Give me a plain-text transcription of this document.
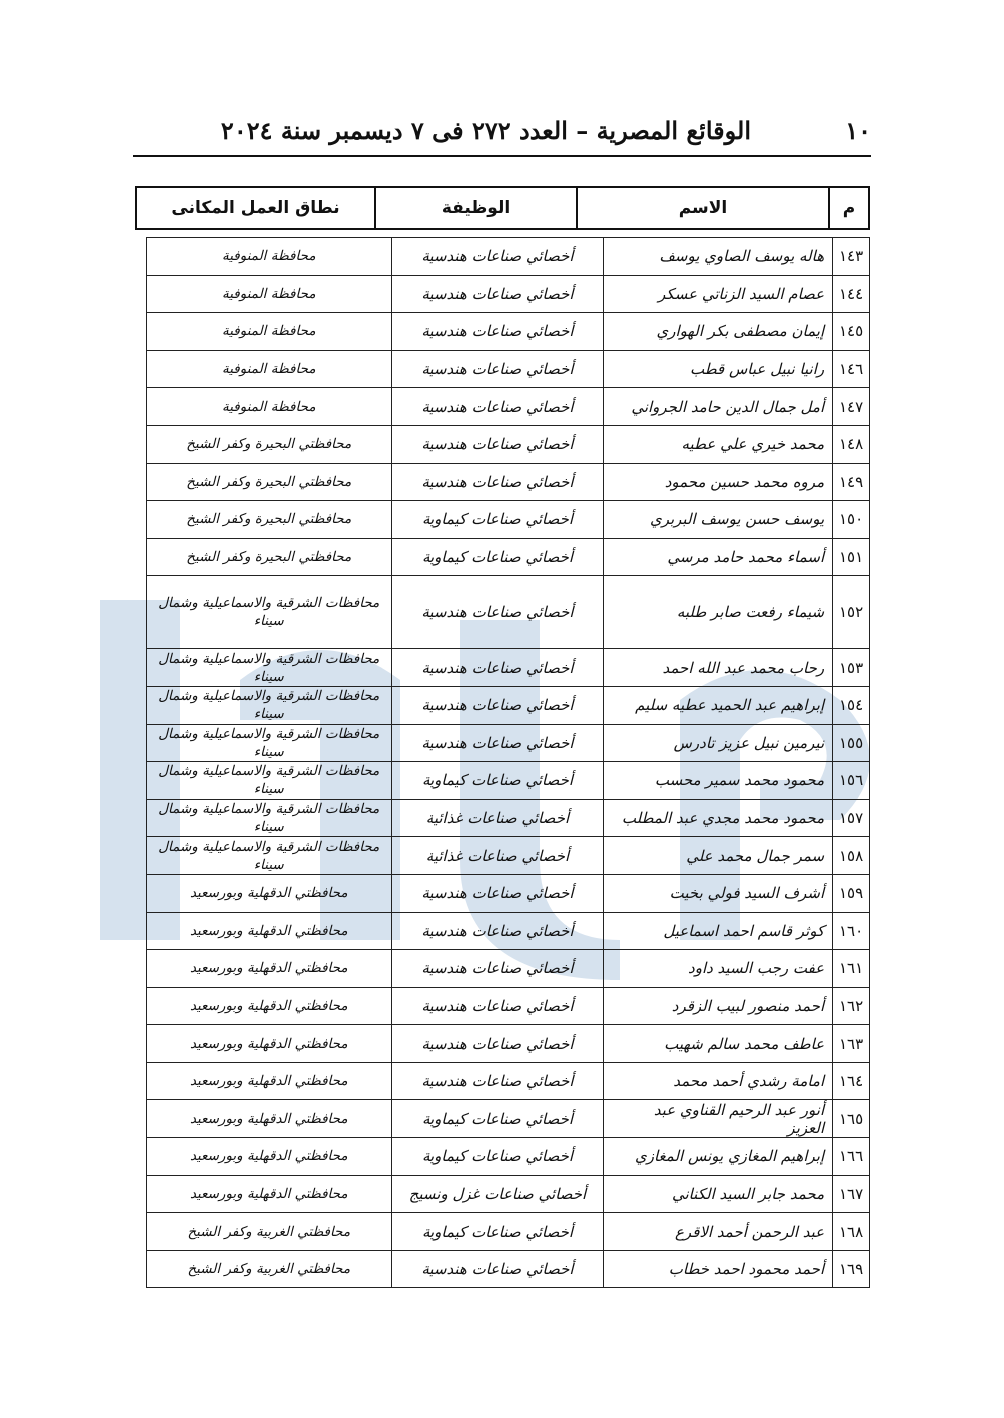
١٠
الوقائع المصرية – العدد ٢٧٢ فى ٧ ديسمبر سنة ٢٠٢٤
م	الاسم	الوظيفة	نطاق العمل المكانى
١٤٣	هاله يوسف الصاوي يوسف	أخصائي صناعات هندسية	محافظة المنوفية
١٤٤	عصام السيد الزناتي عسكر	أخصائي صناعات هندسية	محافظة المنوفية
١٤٥	إيمان مصطفى بكر الهواري	أخصائي صناعات هندسية	محافظة المنوفية
١٤٦	رانيا نبيل عباس قطب	أخصائي صناعات هندسية	محافظة المنوفية
١٤٧	أمل جمال الدين حامد الجرواني	أخصائي صناعات هندسية	محافظة المنوفية
١٤٨	محمد خيري علي عطيه	أخصائي صناعات هندسية	محافظتي البحيرة وكفر الشيخ
١٤٩	مروه محمد حسين محمود	أخصائي صناعات هندسية	محافظتي البحيرة وكفر الشيخ
١٥٠	يوسف حسن يوسف البربري	أخصائي صناعات كيماوية	محافظتي البحيرة وكفر الشيخ
١٥١	أسماء محمد حامد مرسي	أخصائي صناعات كيماوية	محافظتي البحيرة وكفر الشيخ
١٥٢	شيماء رفعت صابر طلبه	أخصائي صناعات هندسية	محافظات الشرقية والاسماعيلية وشمال سيناء
١٥٣	رحاب محمد عبد الله احمد	أخصائي صناعات هندسية	محافظات الشرقية والاسماعيلية وشمال سيناء
١٥٤	إبراهيم عبد الحميد عطيه سليم	أخصائي صناعات هندسية	محافظات الشرقية والاسماعيلية وشمال سيناء
١٥٥	نيرمين نبيل عزيز تادرس	أخصائي صناعات هندسية	محافظات الشرقية والاسماعيلية وشمال سيناء
١٥٦	محمود محمد سمير محسب	أخصائي صناعات كيماوية	محافظات الشرقية والاسماعيلية وشمال سيناء
١٥٧	محمود محمد مجدي عبد المطلب	أخصائي صناعات غذائية	محافظات الشرقية والاسماعيلية وشمال سيناء
١٥٨	سمر جمال محمد علي	أخصائي صناعات غذائية	محافظات الشرقية والاسماعيلية وشمال سيناء
١٥٩	أشرف السيد فولي بخيت	أخصائي صناعات هندسية	محافظتي الدقهلية وبورسعيد
١٦٠	كوثر قاسم احمد اسماعيل	أخصائي صناعات هندسية	محافظتي الدقهلية وبورسعيد
١٦١	عفت رجب السيد داود	أخصائي صناعات هندسية	محافظتي الدقهلية وبورسعيد
١٦٢	أحمد منصور لبيب الزقرد	أخصائي صناعات هندسية	محافظتي الدقهلية وبورسعيد
١٦٣	عاطف محمد سالم شهيب	أخصائي صناعات هندسية	محافظتي الدقهلية وبورسعيد
١٦٤	امامة رشدي أحمد محمد	أخصائي صناعات هندسية	محافظتي الدقهلية وبورسعيد
١٦٥	أنور عبد الرحيم القناوي عبد العزيز	أخصائي صناعات كيماوية	محافظتي الدقهلية وبورسعيد
١٦٦	إبراهيم المغازي يونس المغازي	أخصائي صناعات كيماوية	محافظتي الدقهلية وبورسعيد
١٦٧	محمد جابر السيد الكناني	أخصائي صناعات غزل ونسيج	محافظتي الدقهلية وبورسعيد
١٦٨	عبد الرحمن أحمد الاقرع	أخصائي صناعات كيماوية	محافظتي الغربية وكفر الشيخ
١٦٩	أحمد محمود احمد خطاب	أخصائي صناعات هندسية	محافظتي الغربية وكفر الشيخ
